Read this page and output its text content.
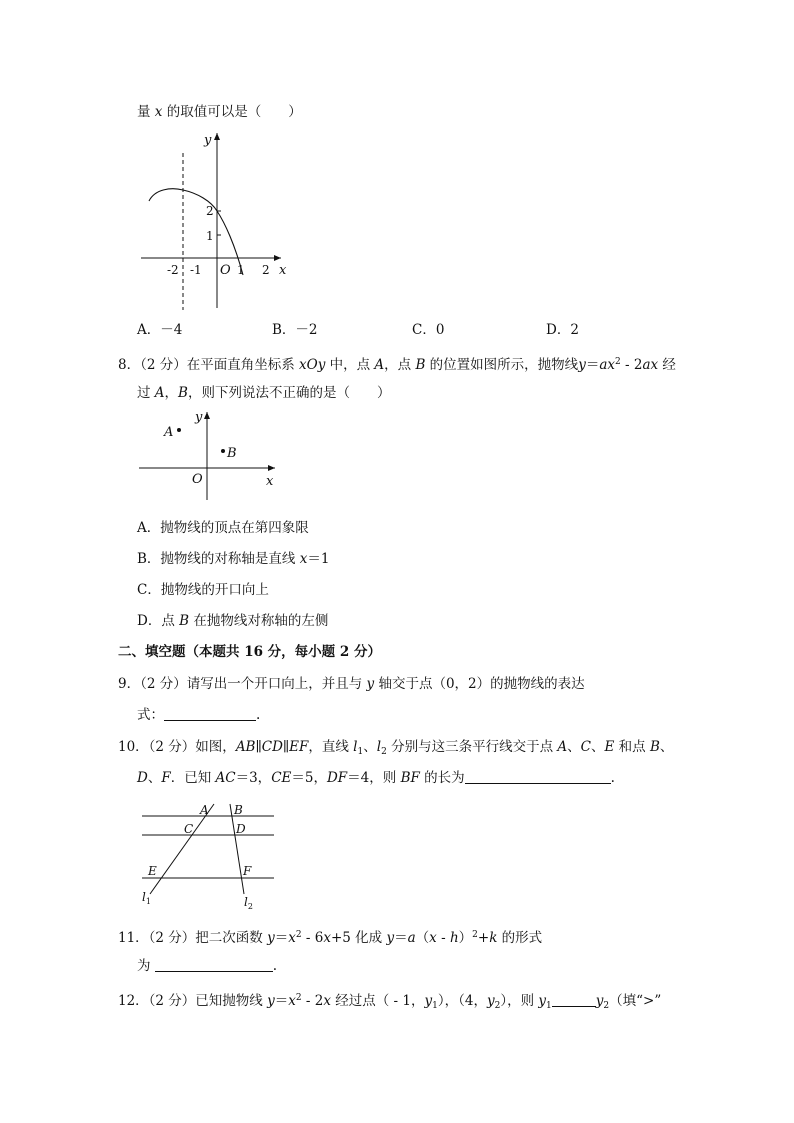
量 x 的取值可以是（　　）
y
x
O
-2 -1	1 2
2
1
A．－4	B．－2	C．0	D．2
8．（2 分）在平面直角坐标系 xOy 中，点 A，点 B 的位置如图所示，抛物线$y=ax^2 - 2ax$ 经
过 A，B，则下列说法不正确的是（　　）
y
x
O
A
B
A．抛物线的顶点在第四象限
B．抛物线的对称轴是直线 x＝1
C．抛物线的开口向上
D．点 B 在抛物线对称轴的左侧
二、填空题（本题共 16 分，每小题 2 分）
9．（2 分）请写出一个开口向上，并且与 y 轴交于点（0，2）的抛物线的表达
式：	.
10．（2 分）如图，AB∥CD∥EF，直线 $l_1$、$l_2$ 分别与这三条平行线交于点 A、C、E 和点 B、
D、F．已知 AC＝3，CE＝5，DF＝4，则 BF 的长为	.
A B
C	D
E	F
$l_1$	$l_2$
11．（2 分）把二次函数 $y=x^2 - 6x+5$ 化成 y＝a（x - h）$^2$+k 的形式
为	.
12．（2 分）已知抛物线 $y=x^2 - 2x$ 经过点（ - 1，$y_1$），（4，$y_2$），则 $y_1$	$y_2$（填“>”
